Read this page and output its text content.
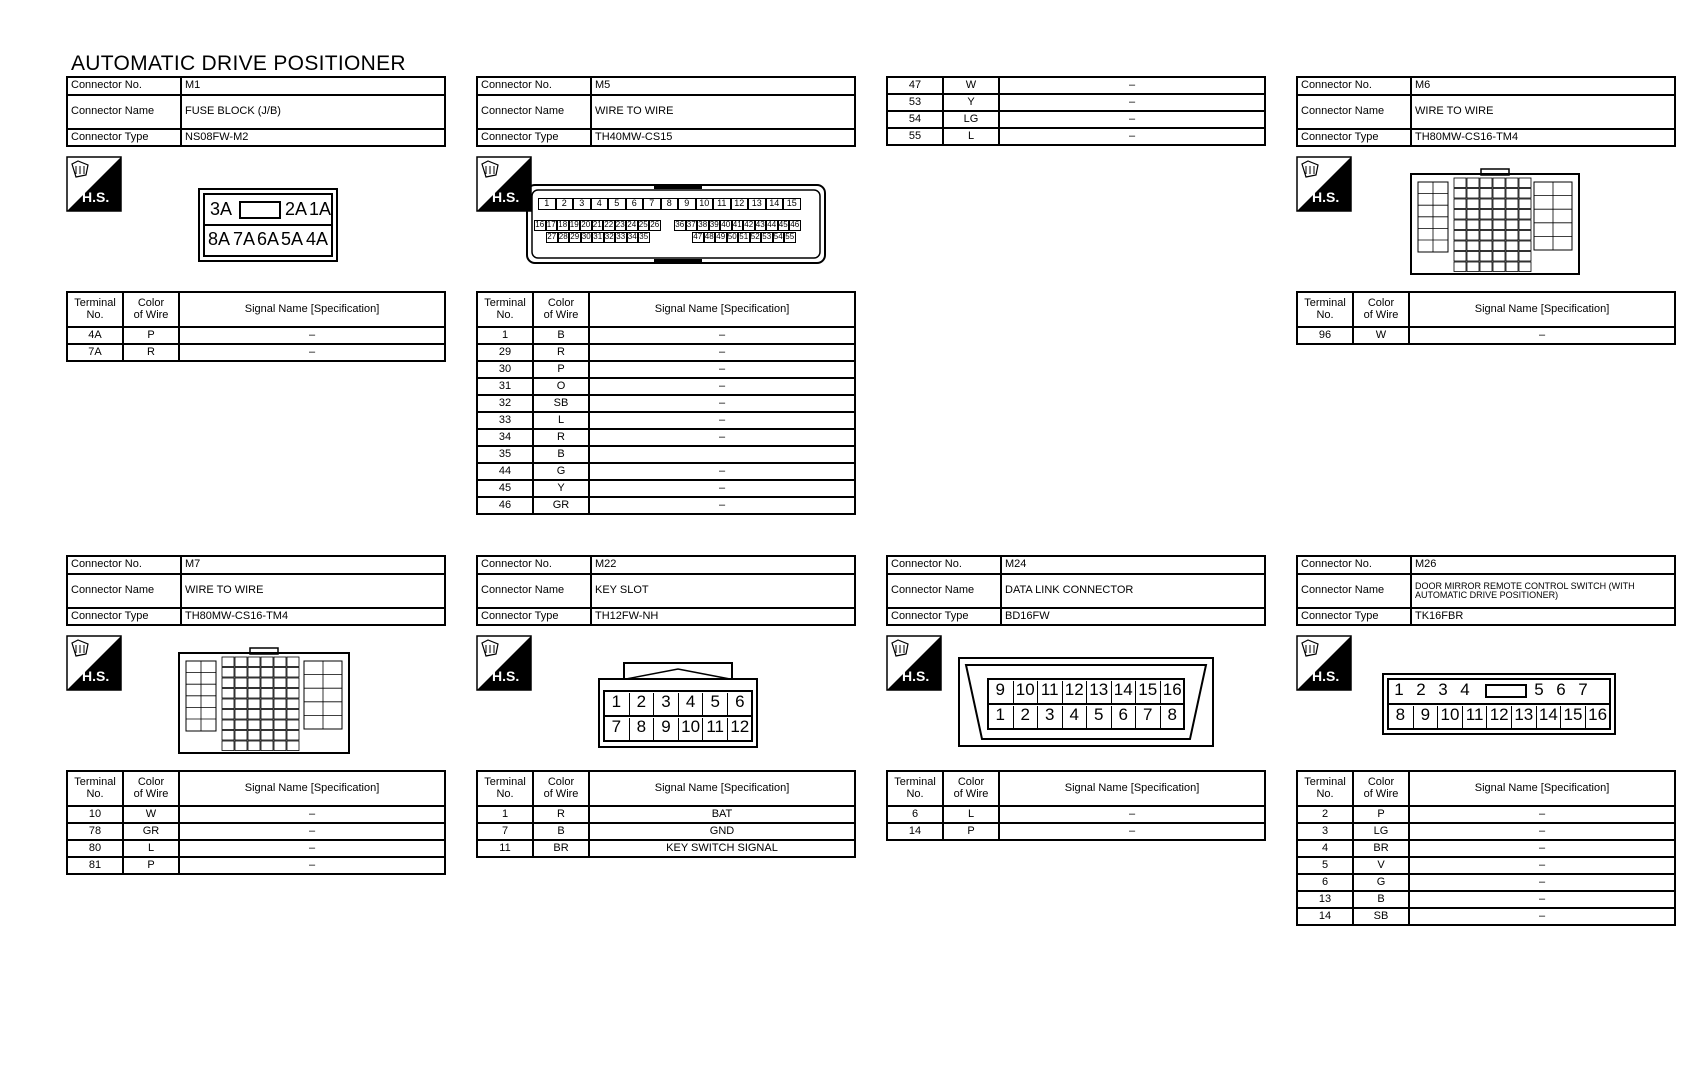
AUTOMATIC DRIVE POSITIONER
Connector No.	M1
Connector Name	FUSE BLOCK (J/B)
Connector Type	NS08FW-M2
H.S.
3A	2A 1A
8A 7A 6A 5A 4A
Terminal
No.	Color
of Wire	Signal Name [Specification]
4A	P	–
7A	R	–
Connector No.	M5
Connector Name	WIRE TO WIRE
Connector Type	TH40MW-CS15
H.S.	1	2	3	4	5	6	7	8	9	10 11 12 13 14 15
16 17 18 19 20 21 22 23 24 25 26 36 37 38 39 40 41 42 43 44 45 46
27 28 29 30 31 32 33 34 35	47 48 49 50 51 52 53 54 55
Terminal
No.	Color
of Wire	Signal Name [Specification]
1	B	–
29	R	–
30	P	–
31	O	–
32	SB	–
33	L	–
34	R	–
35	B	
44	G	–
45	Y	–
46	GR	–
47	W	–
53	Y	–
54	LG	–
55	L	–
Connector No.	M6
Connector Name	WIRE TO WIRE
Connector Type	TH80MW-CS16-TM4
H.S.
Terminal
No.	Color
of Wire	Signal Name [Specification]
96	W	–
Connector No.	M7
Connector Name	WIRE TO WIRE
Connector Type	TH80MW-CS16-TM4
H.S.
Terminal
No.	Color
of Wire	Signal Name [Specification]
10	W	–
78	GR	–
80	L	–
81	P	–
Connector No.	M22
Connector Name	KEY SLOT
Connector Type	TH12FW-NH
H.S.
1 2 3 4 5 6
7 8 9 10 11 12
Terminal
No.	Color
of Wire	Signal Name [Specification]
1	R	BAT
7	B	GND
11	BR	KEY SWITCH SIGNAL
Connector No.	M24
Connector Name	DATA LINK CONNECTOR
Connector Type	BD16FW
H.S.
9 10 11 12 13 14 15 16
1 2 3 4 5 6 7 8
Terminal
No.	Color
of Wire	Signal Name [Specification]
6	L	–
14	P	–
Connector No.	M26
Connector Name	DOOR MIRROR REMOTE CONTROL SWITCH (WITH AUTOMATIC DRIVE POSITIONER)
Connector Type	TK16FBR
H.S.
1 2 3 4	5 6 7
8 9 10 11 12 13 14 15 16
Terminal
No.	Color
of Wire	Signal Name [Specification]
2	P	–
3	LG	–
4	BR	–
5	V	–
6	G	–
13	B	–
14	SB	–
